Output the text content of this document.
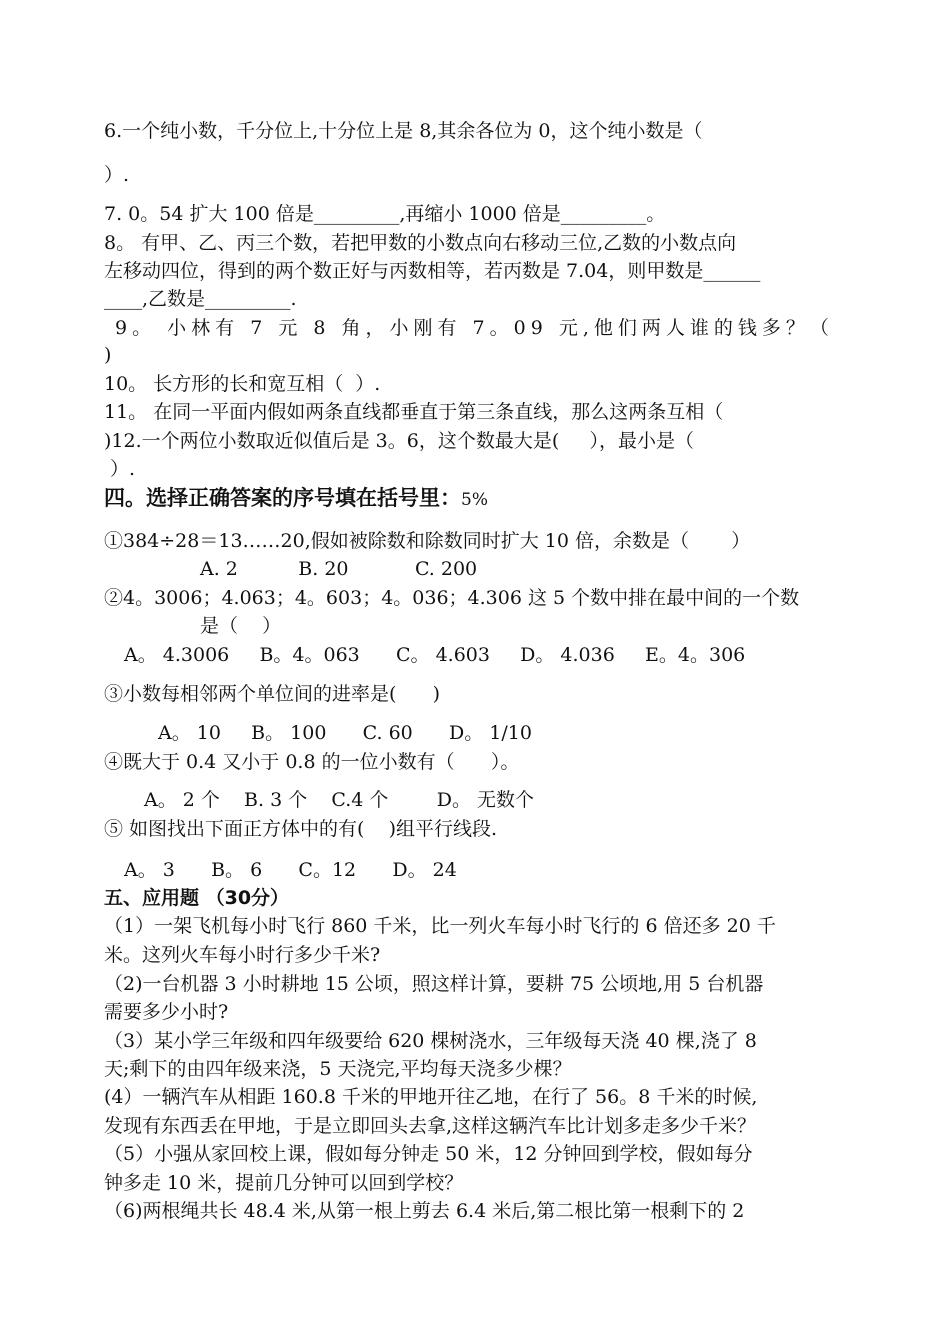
6.一个纯小数，千分位上,十分位上是 8,其余各位为 0，这个纯小数是（
）.
7. 0。54 扩大 100 倍是_________,再缩小 1000 倍是_________。
8。 有甲、乙、丙三个数，若把甲数的小数点向右移动三位,乙数的小数点向
左移动四位，得到的两个数正好与丙数相等，若丙数是 7.04，则甲数是______
____,乙数是_________.
9。 小林有 7 元 8 角，小刚有 7。09 元,他们两人谁的钱多？（
)
10。 长方形的长和宽互相（  ）.
11。 在同一平面内假如两条直线都垂直于第三条直线，那么这两条互相（
)12.一个两位小数取近似值后是 3。6，这个数最大是(     ），最小是（
）.
四。选择正确答案的序号填在括号里：5%
①384÷28＝13……20,假如被除数和除数同时扩大 10 倍，余数是（       ）
A. 2          B. 20           C. 200
②4。3006；4.063；4。603；4。036；4.306 这 5 个数中排在最中间的一个数
是（    ）
A。 4.3006     B。4。063      C。 4.603     D。 4.036     E。4。306
③小数每相邻两个单位间的进率是(      )
A。 10     B。 100      C. 60      D。 1/10
④既大于 0.4 又小于 0.8 的一位小数有（      ）。
A。 2 个    B. 3 个    C.4 个        D。 无数个
⑤ 如图找出下面正方体中的有(    )组平行线段.
A。 3      B。 6      C。12      D。 24
五、应用题 （30分）
（1）一架飞机每小时飞行 860 千米，比一列火车每小时飞行的 6 倍还多 20 千
米。这列火车每小时行多少千米?
（2)一台机器 3 小时耕地 15 公顷，照这样计算，要耕 75 公顷地,用 5 台机器
需要多少小时?
（3）某小学三年级和四年级要给 620 棵树浇水，三年级每天浇 40 棵,浇了 8
天;剩下的由四年级来浇，5 天浇完,平均每天浇多少棵？
(4）一辆汽车从相距 160.8 千米的甲地开往乙地，在行了 56。8 千米的时候,
发现有东西丢在甲地，于是立即回头去拿,这样这辆汽车比计划多走多少千米？
（5）小强从家回校上课，假如每分钟走 50 米，12 分钟回到学校，假如每分
钟多走 10 米，提前几分钟可以回到学校？
（6)两根绳共长 48.4 米,从第一根上剪去 6.4 米后,第二根比第一根剩下的 2
